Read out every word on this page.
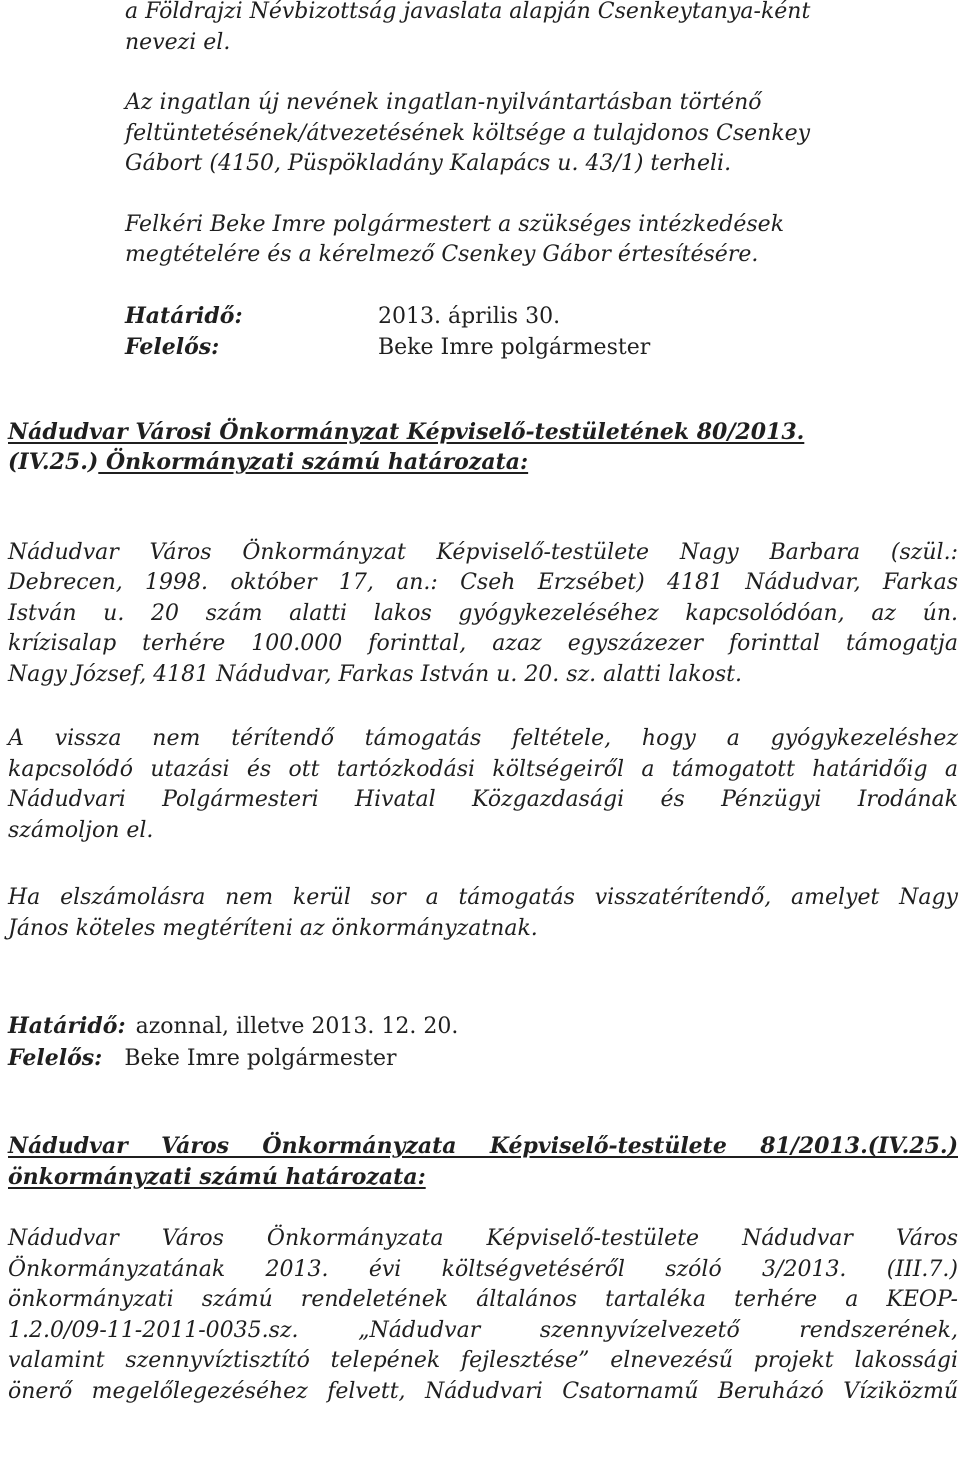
a Földrajzi Névbizottság javaslata alapján Csenkeytanya-ként

nevezi el.

Az ingatlan új nevének ingatlan-nyilvántartásban történő

feltüntetésének/átvezetésének költsége a tulajdonos Csenkey

Gábort (4150, Püspökladány Kalapács u. 43/1) terheli.

Felkéri Beke Imre polgármestert a szükséges intézkedések

megtételére és a kérelmező Csenkey Gábor értesítésére.

Határidő:	2013. április 30.
Felelős:	Beke Imre polgármester

Nádudvar Városi Önkormányzat Képviselő-testületének 80/2013.

(IV.25.) Önkormányzati számú határozata:

Nádudvar Város Önkormányzat Képviselő-testülete Nagy Barbara (szül.:

Debrecen, 1998. október 17, an.: Cseh Erzsébet) 4181 Nádudvar, Farkas

István u. 20 szám alatti lakos gyógykezeléséhez kapcsolódóan, az ún.

krízisalap terhére 100.000 forinttal, azaz egyszázezer forinttal támogatja

Nagy József, 4181 Nádudvar, Farkas István u. 20. sz. alatti lakost.

A vissza nem térítendő támogatás feltétele, hogy a gyógykezeléshez

kapcsolódó utazási és ott tartózkodási költségeiről a támogatott határidőig a

Nádudvari Polgármesteri Hivatal Közgazdasági és Pénzügyi Irodának

számoljon el.

Ha elszámolásra nem kerül sor a támogatás visszatérítendő, amelyet Nagy

János köteles megtéríteni az önkormányzatnak.

Határidő: azonnal, illetve 2013. 12. 20.
Felelős: Beke Imre polgármester

Nádudvar Város Önkormányzata Képviselő-testülete 81/2013.(IV.25.)

önkormányzati számú határozata:

Nádudvar Város Önkormányzata Képviselő-testülete Nádudvar Város

Önkormányzatának 2013. évi költségvetéséről szóló 3/2013. (III.7.)

önkormányzati számú rendeletének általános tartaléka terhére a KEOP-

1.2.0/09-11-2011-0035.sz. „Nádudvar szennyvízelvezető rendszerének,

valamint szennyvíztisztító telepének fejlesztése” elnevezésű projekt lakossági

önerő megelőlegezéséhez felvett, Nádudvari Csatornamű Beruházó Víziközmű
